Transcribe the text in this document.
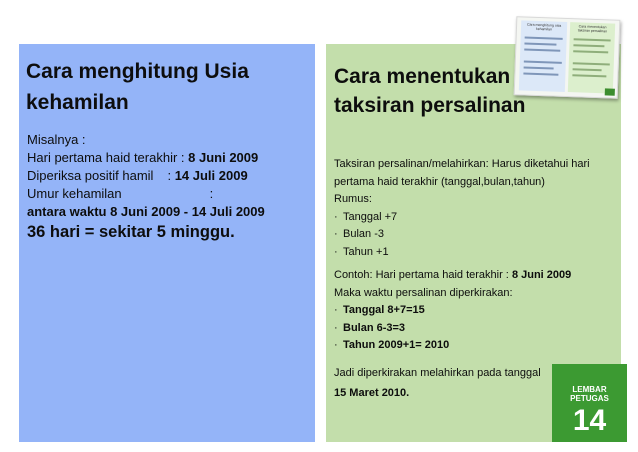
Cara menghitung Usia kehamilan
Misalnya :
Hari pertama haid terakhir : 8 Juni 2009
Diperiksa positif hamil : 14 Juli 2009
Umur kehamilan	:
antara waktu 8 Juni 2009 - 14 Juli 2009
36 hari = sekitar 5 minggu.
Cara menentukan taksiran persalinan
Taksiran persalinan/melahirkan: Harus diketahui hari pertama haid terakhir (tanggal,bulan,tahun)
Rumus:
· Tanggal +7
· Bulan -3
· Tahun +1
Contoh: Hari pertama haid terakhir : 8 Juni 2009
Maka waktu persalinan diperkirakan:
· Tanggal 8+7=15
· Bulan 6-3=3
· Tahun 2009+1= 2010
Jadi diperkirakan melahirkan pada tanggal
15 Maret 2010.
Cara menghitung usia kehamilan	Cara menentukan taksiran persalinan
LEMBAR PETUGAS
14
